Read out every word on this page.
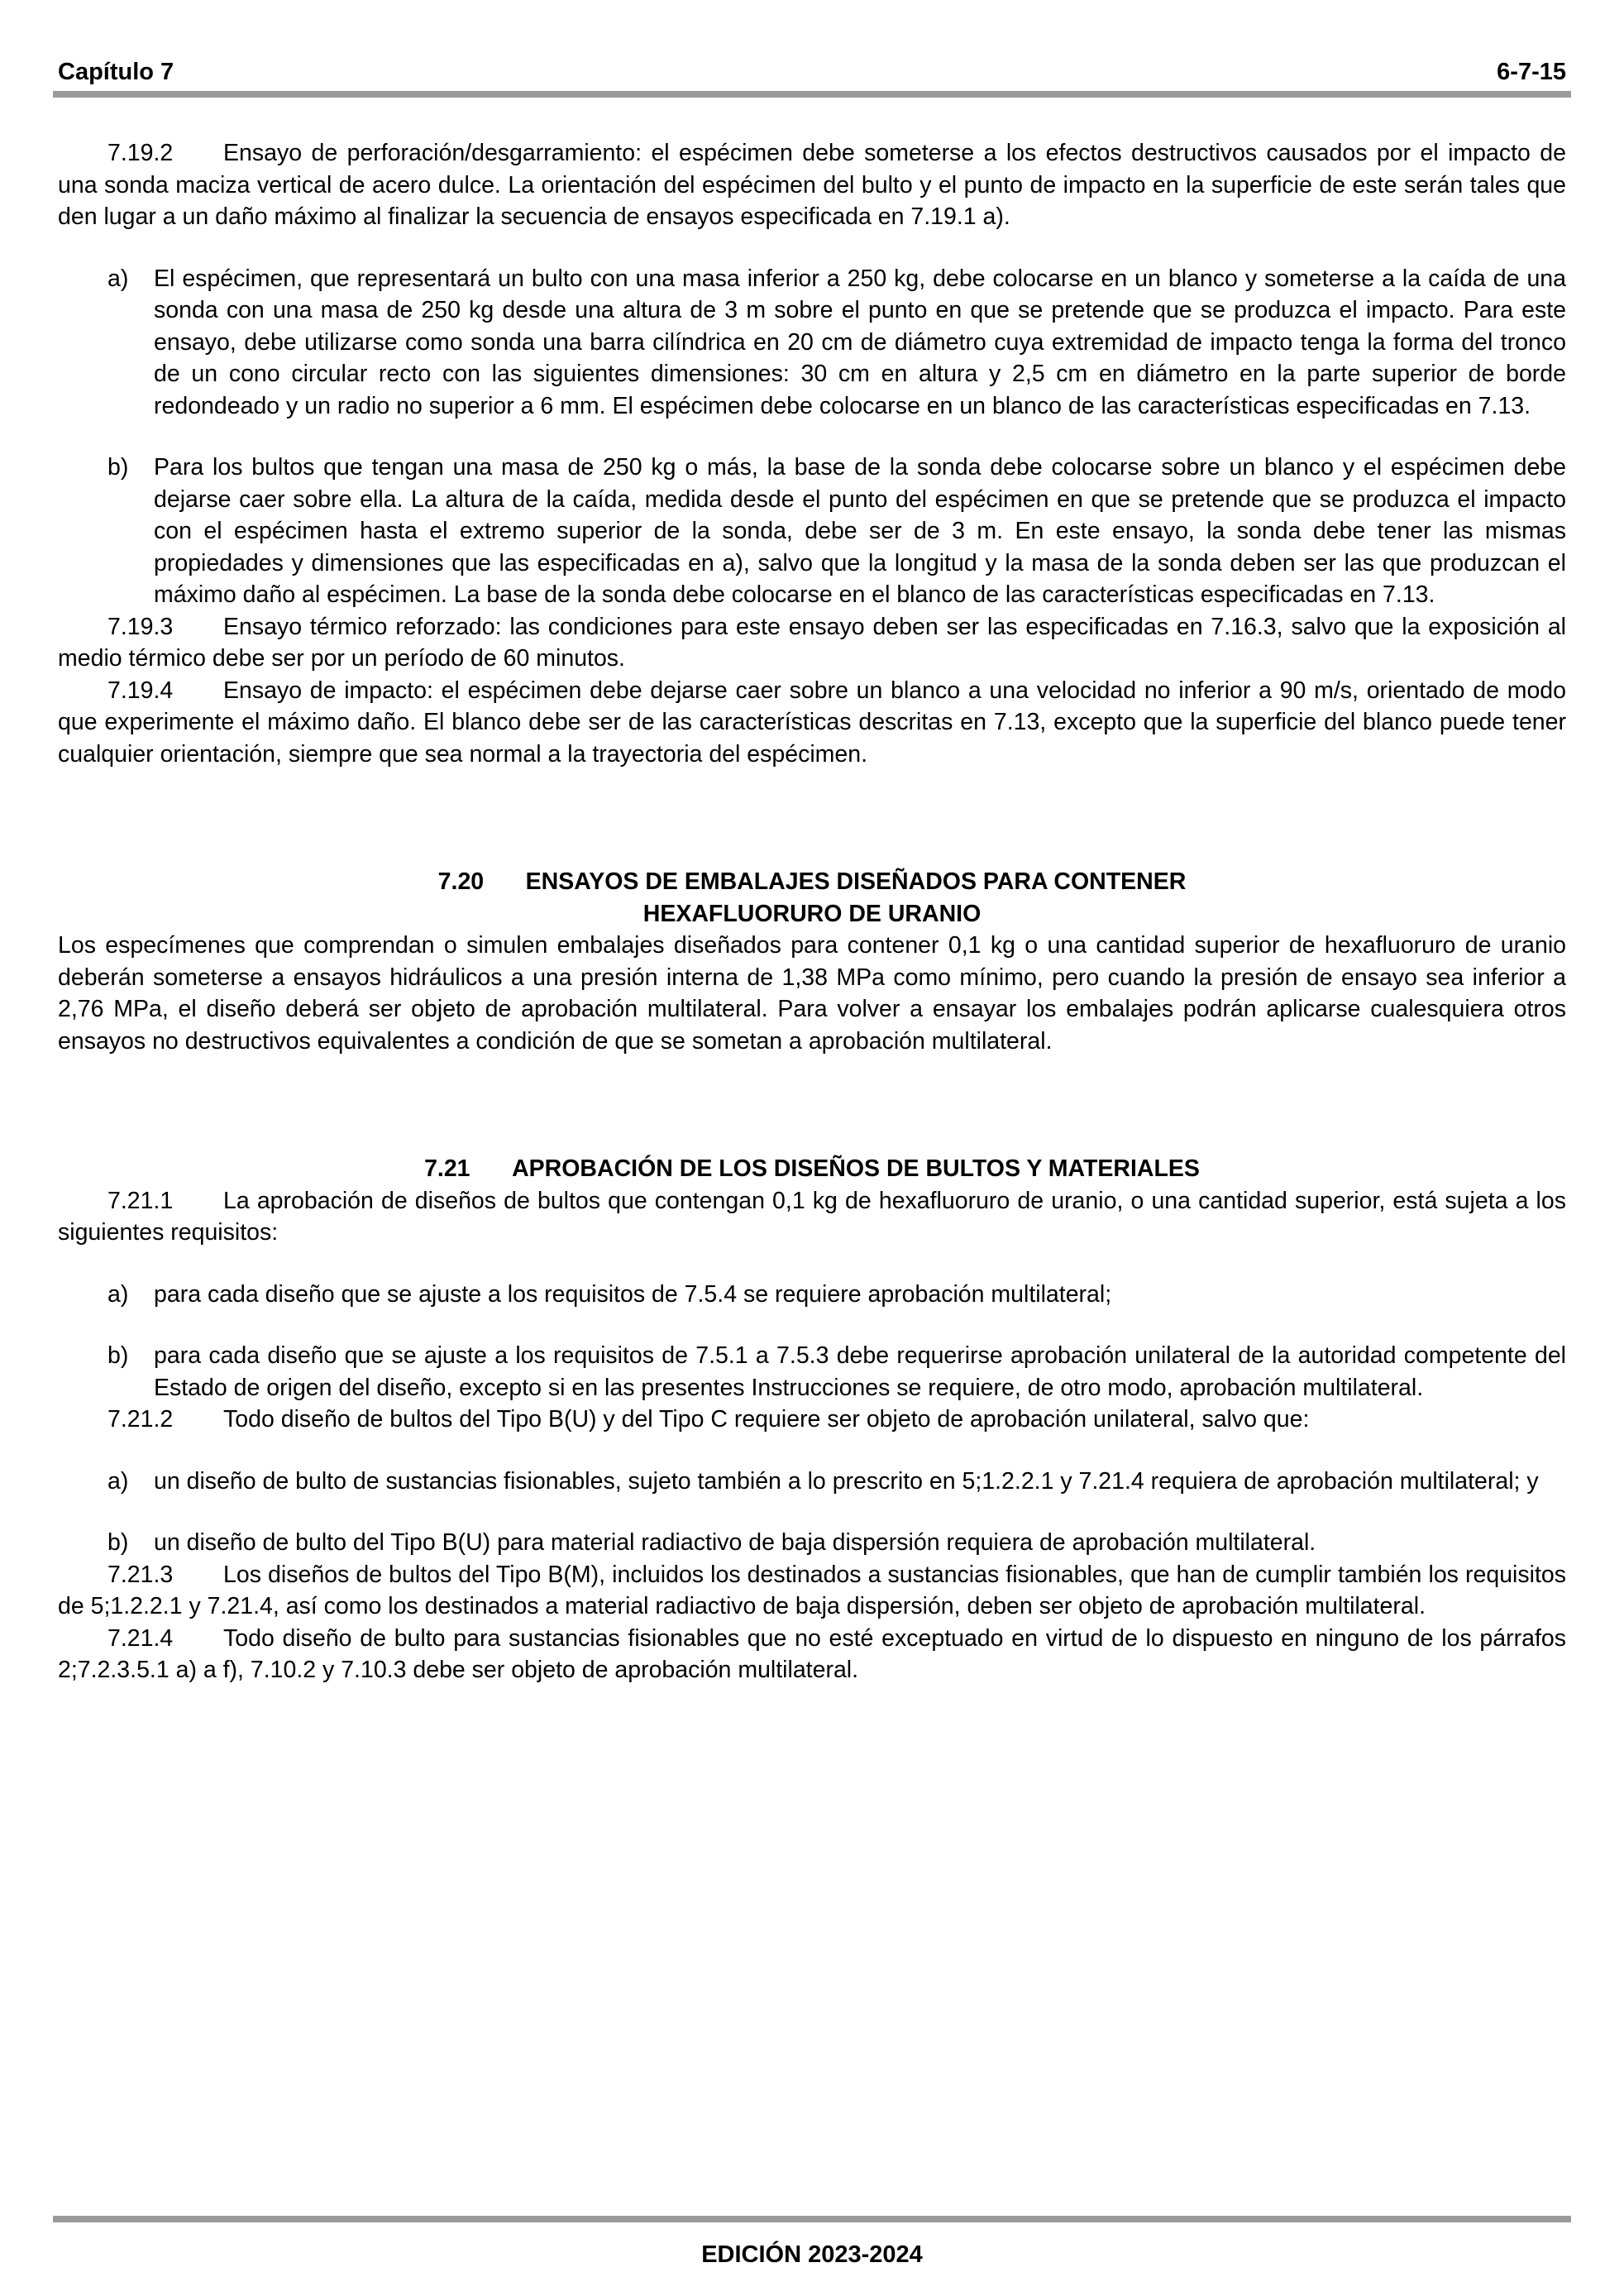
Capítulo 7	6-7-15

7.19.2 Ensayo de perforación/desgarramiento: el espécimen debe someterse a los efectos destructivos causados por el impacto de una sonda maciza vertical de acero dulce. La orientación del espécimen del bulto y el punto de impacto en la superficie de este serán tales que den lugar a un daño máximo al finalizar la secuencia de ensayos especificada en 7.19.1 a).

a)	El espécimen, que representará un bulto con una masa inferior a 250 kg, debe colocarse en un blanco y someterse a la caída de una sonda con una masa de 250 kg desde una altura de 3 m sobre el punto en que se pretende que se produzca el impacto. Para este ensayo, debe utilizarse como sonda una barra cilíndrica en 20 cm de diámetro cuya extremidad de impacto tenga la forma del tronco de un cono circular recto con las siguientes dimensiones: 30 cm en altura y 2,5 cm en diámetro en la parte superior de borde redondeado y un radio no superior a 6 mm. El espécimen debe colocarse en un blanco de las características especificadas en 7.13.

b)	Para los bultos que tengan una masa de 250 kg o más, la base de la sonda debe colocarse sobre un blanco y el espécimen debe dejarse caer sobre ella. La altura de la caída, medida desde el punto del espécimen en que se pretende que se produzca el impacto con el espécimen hasta el extremo superior de la sonda, debe ser de 3 m. En este ensayo, la sonda debe tener las mismas propiedades y dimensiones que las especificadas en a), salvo que la longitud y la masa de la sonda deben ser las que produzcan el máximo daño al espécimen. La base de la sonda debe colocarse en el blanco de las características especificadas en 7.13.

7.19.3 Ensayo térmico reforzado: las condiciones para este ensayo deben ser las especificadas en 7.16.3, salvo que la exposición al medio térmico debe ser por un período de 60 minutos.

7.19.4 Ensayo de impacto: el espécimen debe dejarse caer sobre un blanco a una velocidad no inferior a 90 m/s, orientado de modo que experimente el máximo daño. El blanco debe ser de las características descritas en 7.13, excepto que la superficie del blanco puede tener cualquier orientación, siempre que sea normal a la trayectoria del espécimen.

7.20 ENSAYOS DE EMBALAJES DISEÑADOS PARA CONTENER
HEXAFLUORURO DE URANIO

Los especímenes que comprendan o simulen embalajes diseñados para contener 0,1 kg o una cantidad superior de hexafluoruro de uranio deberán someterse a ensayos hidráulicos a una presión interna de 1,38 MPa como mínimo, pero cuando la presión de ensayo sea inferior a 2,76 MPa, el diseño deberá ser objeto de aprobación multilateral. Para volver a ensayar los embalajes podrán aplicarse cualesquiera otros ensayos no destructivos equivalentes a condición de que se sometan a aprobación multilateral.

7.21 APROBACIÓN DE LOS DISEÑOS DE BULTOS Y MATERIALES

7.21.1 La aprobación de diseños de bultos que contengan 0,1 kg de hexafluoruro de uranio, o una cantidad superior, está sujeta a los siguientes requisitos:

a)	para cada diseño que se ajuste a los requisitos de 7.5.4 se requiere aprobación multilateral;

b)	para cada diseño que se ajuste a los requisitos de 7.5.1 a 7.5.3 debe requerirse aprobación unilateral de la autoridad competente del Estado de origen del diseño, excepto si en las presentes Instrucciones se requiere, de otro modo, aprobación multilateral.

7.21.2 Todo diseño de bultos del Tipo B(U) y del Tipo C requiere ser objeto de aprobación unilateral, salvo que:

a)	un diseño de bulto de sustancias fisionables, sujeto también a lo prescrito en 5;1.2.2.1 y 7.21.4 requiera de aprobación multilateral; y

b)	un diseño de bulto del Tipo B(U) para material radiactivo de baja dispersión requiera de aprobación multilateral.

7.21.3 Los diseños de bultos del Tipo B(M), incluidos los destinados a sustancias fisionables, que han de cumplir también los requisitos de 5;1.2.2.1 y 7.21.4, así como los destinados a material radiactivo de baja dispersión, deben ser objeto de aprobación multilateral.

7.21.4 Todo diseño de bulto para sustancias fisionables que no esté exceptuado en virtud de lo dispuesto en ninguno de los párrafos 2;7.2.3.5.1 a) a f), 7.10.2 y 7.10.3 debe ser objeto de aprobación multilateral.

EDICIÓN 2023-2024
